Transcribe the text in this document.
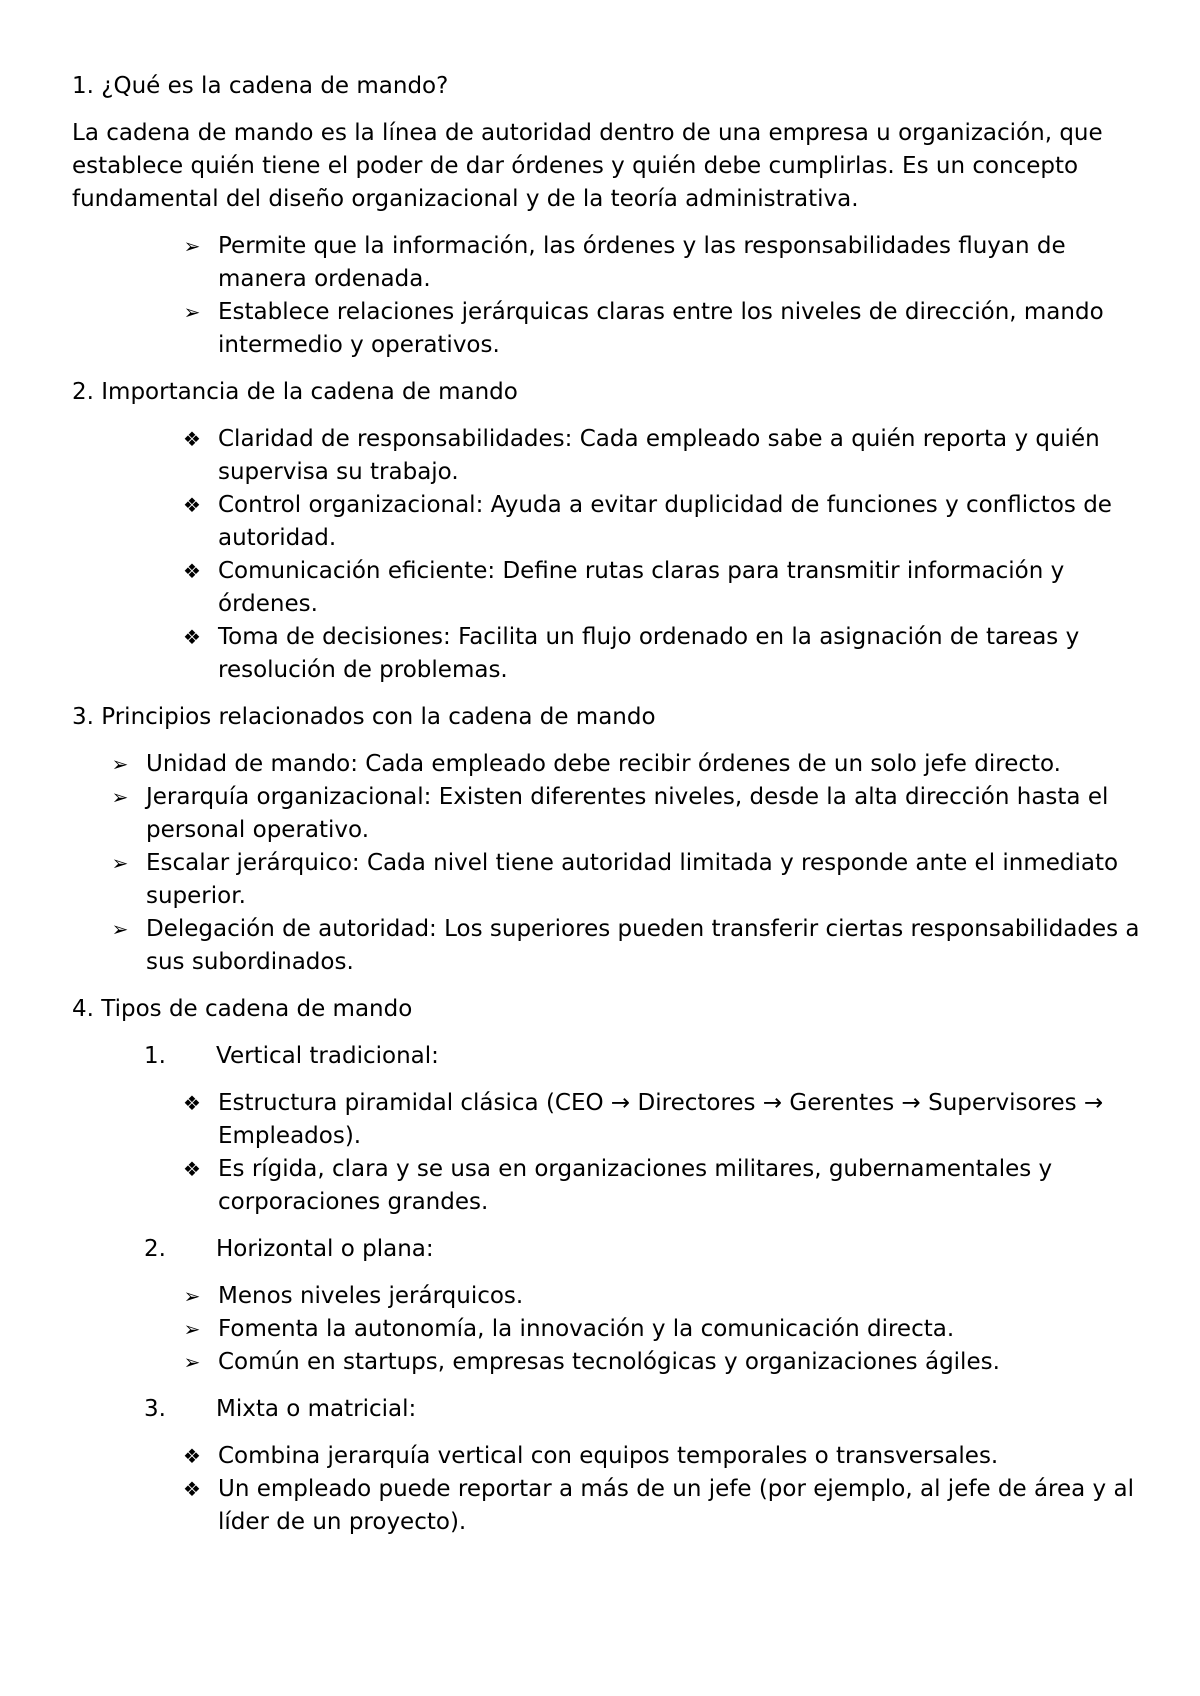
1. ¿Qué es la cadena de mando?

La cadena de mando es la línea de autoridad dentro de una empresa u organización, que establece quién tiene el poder de dar órdenes y quién debe cumplirlas. Es un concepto fundamental del diseño organizacional y de la teoría administrativa.

➢ Permite que la información, las órdenes y las responsabilidades fluyan de manera ordenada.
➢ Establece relaciones jerárquicas claras entre los niveles de dirección, mando intermedio y operativos.

2. Importancia de la cadena de mando

❖ Claridad de responsabilidades: Cada empleado sabe a quién reporta y quién supervisa su trabajo.
❖ Control organizacional: Ayuda a evitar duplicidad de funciones y conflictos de autoridad.
❖ Comunicación eficiente: Define rutas claras para transmitir información y órdenes.
❖ Toma de decisiones: Facilita un flujo ordenado en la asignación de tareas y resolución de problemas.

3. Principios relacionados con la cadena de mando

➢ Unidad de mando: Cada empleado debe recibir órdenes de un solo jefe directo.
➢ Jerarquía organizacional: Existen diferentes niveles, desde la alta dirección hasta el personal operativo.
➢ Escalar jerárquico: Cada nivel tiene autoridad limitada y responde ante el inmediato superior.
➢ Delegación de autoridad: Los superiores pueden transferir ciertas responsabilidades a sus subordinados.

4. Tipos de cadena de mando

1. Vertical tradicional:

❖ Estructura piramidal clásica (CEO → Directores → Gerentes → Supervisores → Empleados).
❖ Es rígida, clara y se usa en organizaciones militares, gubernamentales y corporaciones grandes.

2. Horizontal o plana:

➢ Menos niveles jerárquicos.
➢ Fomenta la autonomía, la innovación y la comunicación directa.
➢ Común en startups, empresas tecnológicas y organizaciones ágiles.

3. Mixta o matricial:

❖ Combina jerarquía vertical con equipos temporales o transversales.
❖ Un empleado puede reportar a más de un jefe (por ejemplo, al jefe de área y al líder de un proyecto).
